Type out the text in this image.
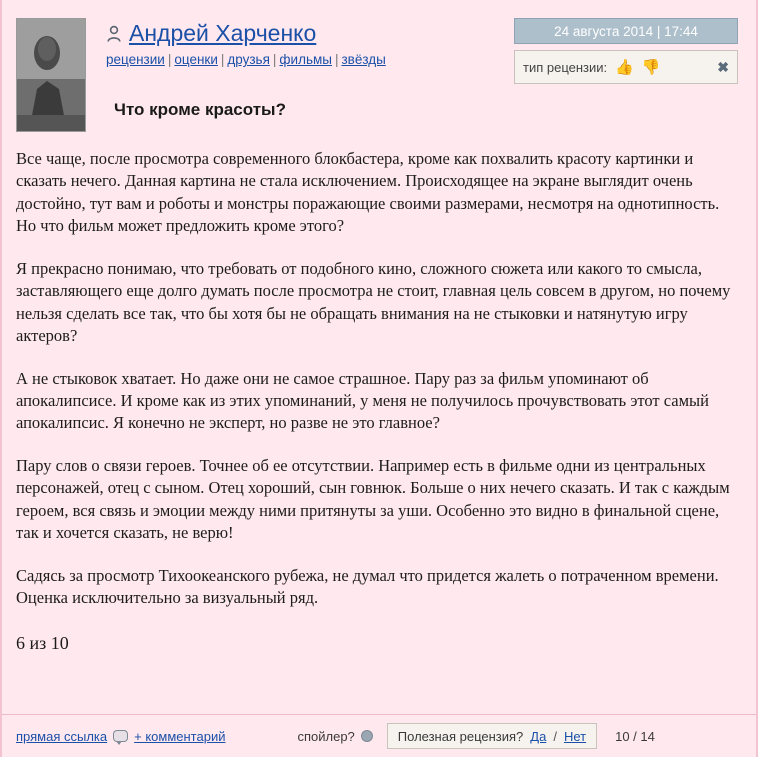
Андрей Харченко
рецензии | оценки | друзья | фильмы | звёзды
Что кроме красоты?
24 августа 2014 | 17:44
тип рецензии: 👍 👎	✖

Все чаще, после просмотра современного блокбастера, кроме как похвалить красоту картинки и сказать нечего. Данная картина не стала исключением. Происходящее на экране выглядит очень достойно, тут вам и роботы и монстры поражающие своими размерами, несмотря на однотипность. Но что фильм может предложить кроме этого?

Я прекрасно понимаю, что требовать от подобного кино, сложного сюжета или какого то смысла, заставляющего еще долго думать после просмотра не стоит, главная цель совсем в другом, но почему нельзя сделать все так, что бы хотя бы не обращать внимания на не стыковки и натянутую игру актеров?

А не стыковок хватает. Но даже они не самое страшное. Пару раз за фильм упоминают об апокалипсисе. И кроме как из этих упоминаний, у меня не получилось прочувствовать этот самый апокалипсис. Я конечно не эксперт, но разве не это главное?

Пару слов о связи героев. Точнее об ее отсутствии. Например есть в фильме одни из центральных персонажей, отец с сыном. Отец хороший, сын говнюк. Больше о них нечего сказать. И так с каждым героем, вся связь и эмоции между ними притянуты за уши. Особенно это видно в финальной сцене, так и хочется сказать, не верю!

Садясь за просмотр Тихоокеанского рубежа, не думал что придется жалеть о потраченном времени. Оценка исключительно за визуальный ряд.

6 из 10
прямая ссылка + комментарий	спойлер?	Полезная рецензия? Да / Нет 10 / 14
